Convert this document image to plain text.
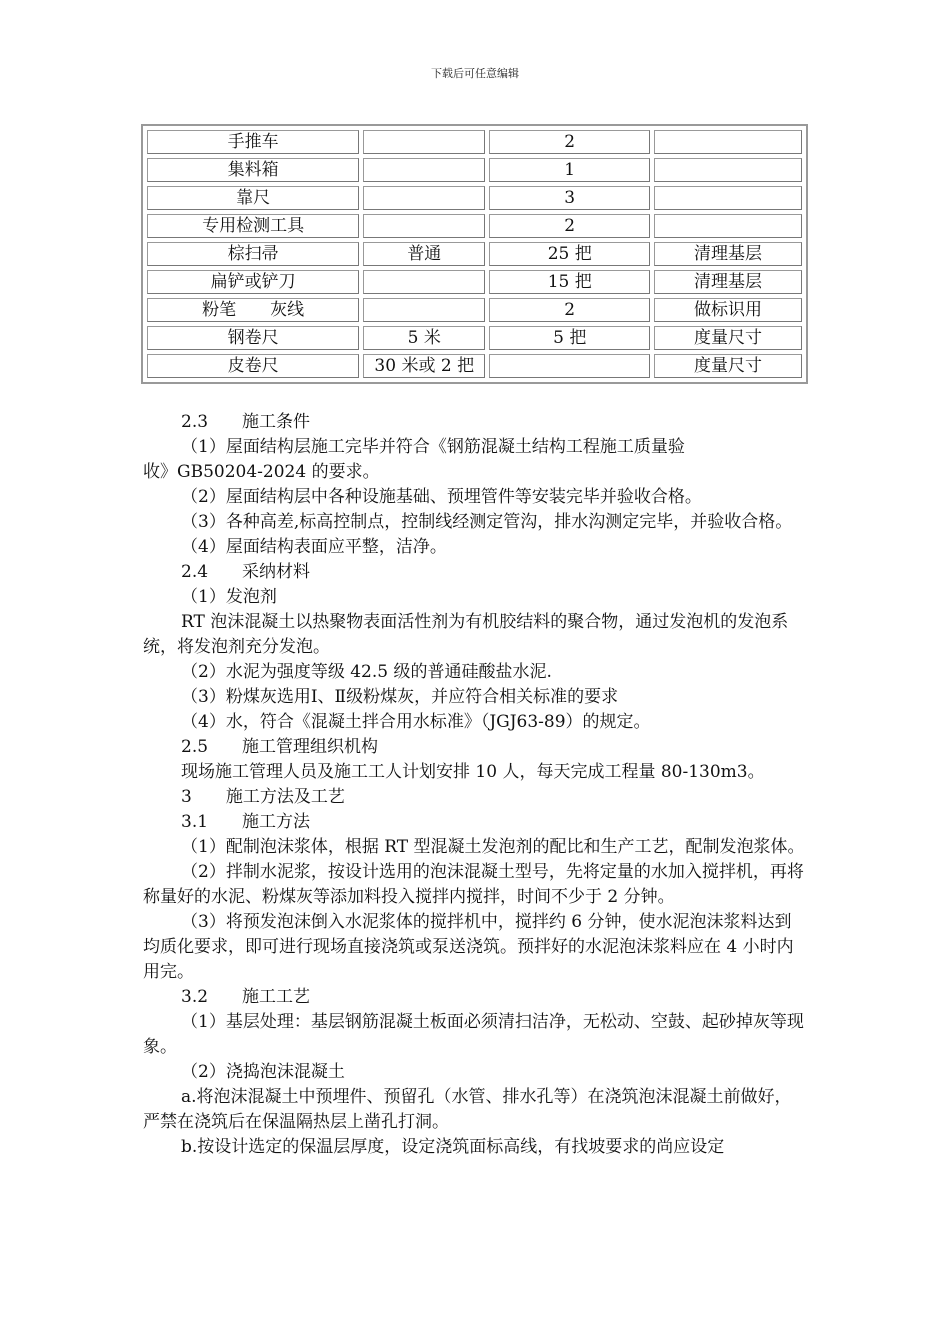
下载后可任意编辑
手推车		2	
集料箱		1	
靠尺		3	
专用检测工具		2	
棕扫帚	普通	25 把	清理基层
扁铲或铲刀		15 把	清理基层
粉笔　　灰线		2	做标识用
钢卷尺	5 米	5 把	度量尺寸
皮卷尺	30 米或 2 把		度量尺寸

2.3　　施工条件

（1）屋面结构层施工完毕并符合《钢筋混凝土结构工程施工质量验

收》GB50204-2024 的要求。

（2）屋面结构层中各种设施基础、预埋管件等安装完毕并验收合格。

（3）各种高差,标高控制点，控制线经测定管沟，排水沟测定完毕，并验收合格。

（4）屋面结构表面应平整，洁净。

2.4　　采纳材料

（1）发泡剂

RT 泡沫混凝土以热聚物表面活性剂为有机胶结料的聚合物，通过发泡机的发泡系统，将发泡剂充分发泡。

（2）水泥为强度等级 42.5 级的普通硅酸盐水泥.

（3）粉煤灰选用Ⅰ、Ⅱ级粉煤灰，并应符合相关标准的要求

（4）水，符合《混凝土拌合用水标准》（JGJ63-89）的规定。

2.5　　施工管理组织机构

现场施工管理人员及施工工人计划安排 10 人，每天完成工程量 80-130m3。

3　　施工方法及工艺

3.1　　施工方法

（1）配制泡沫浆体，根据 RT 型混凝土发泡剂的配比和生产工艺，配制发泡浆体。

（2）拌制水泥浆，按设计选用的泡沫混凝土型号，先将定量的水加入搅拌机，再将称量好的水泥、粉煤灰等添加料投入搅拌内搅拌，时间不少于 2 分钟。

（3）将预发泡沫倒入水泥浆体的搅拌机中，搅拌约 6 分钟，使水泥泡沫浆料达到均质化要求，即可进行现场直接浇筑或泵送浇筑。预拌好的水泥泡沫浆料应在 4 小时内用完。

3.2　　施工工艺

（1）基层处理：基层钢筋混凝土板面必须清扫洁净，无松动、空鼓、起砂掉灰等现象。

（2）浇捣泡沫混凝土

a.将泡沫混凝土中预埋件、预留孔（水管、排水孔等）在浇筑泡沫混凝土前做好，严禁在浇筑后在保温隔热层上凿孔打洞。

b.按设计选定的保温层厚度，设定浇筑面标高线，有找坡要求的尚应设定
